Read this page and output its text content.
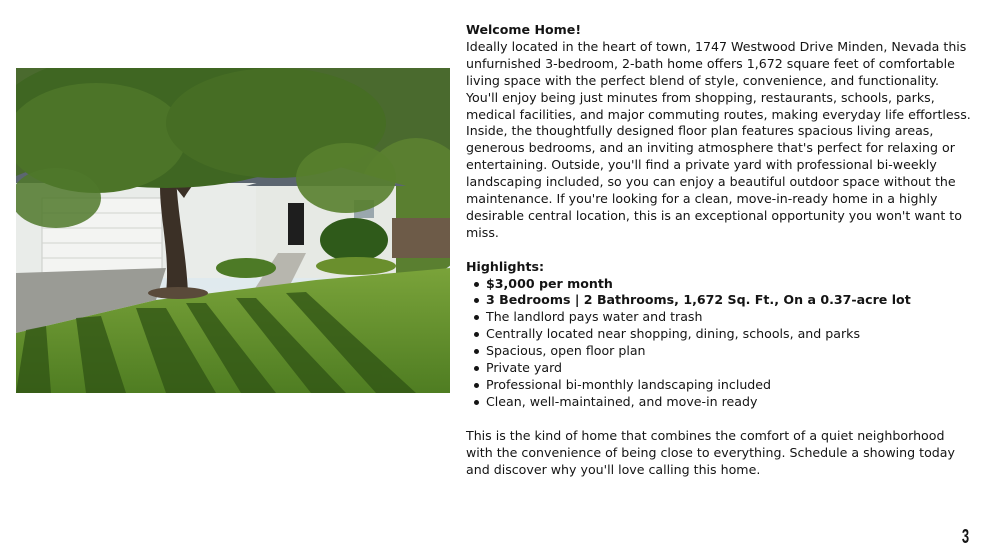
Welcome Home!

Ideally located in the heart of town, 1747 Westwood Drive Minden, Nevada this unfurnished 3-bedroom, 2-bath home offers 1,672 square feet of comfortable living space with the perfect blend of style, convenience, and functionality. You'll enjoy being just minutes from shopping, restaurants, schools, parks, medical facilities, and major commuting routes, making everyday life effortless. Inside, the thoughtfully designed floor plan features spacious living areas, generous bedrooms, and an inviting atmosphere that's perfect for relaxing or entertaining. Outside, you'll find a private yard with professional bi-weekly landscaping included, so you can enjoy a beautiful outdoor space without the maintenance. If you're looking for a clean, move-in-ready home in a highly desirable central location, this is an exceptional opportunity you won't want to miss.

Highlights:

$3,000 per month
3 Bedrooms | 2 Bathrooms, 1,672 Sq. Ft., On a 0.37-acre lot
The landlord pays water and trash
Centrally located near shopping, dining, schools, and parks
Spacious, open floor plan
Private yard
Professional bi-monthly landscaping included
Clean, well-maintained, and move-in ready

This is the kind of home that combines the comfort of a quiet neighborhood with the convenience of being close to everything. Schedule a showing today and discover why you'll love calling this home.

3
